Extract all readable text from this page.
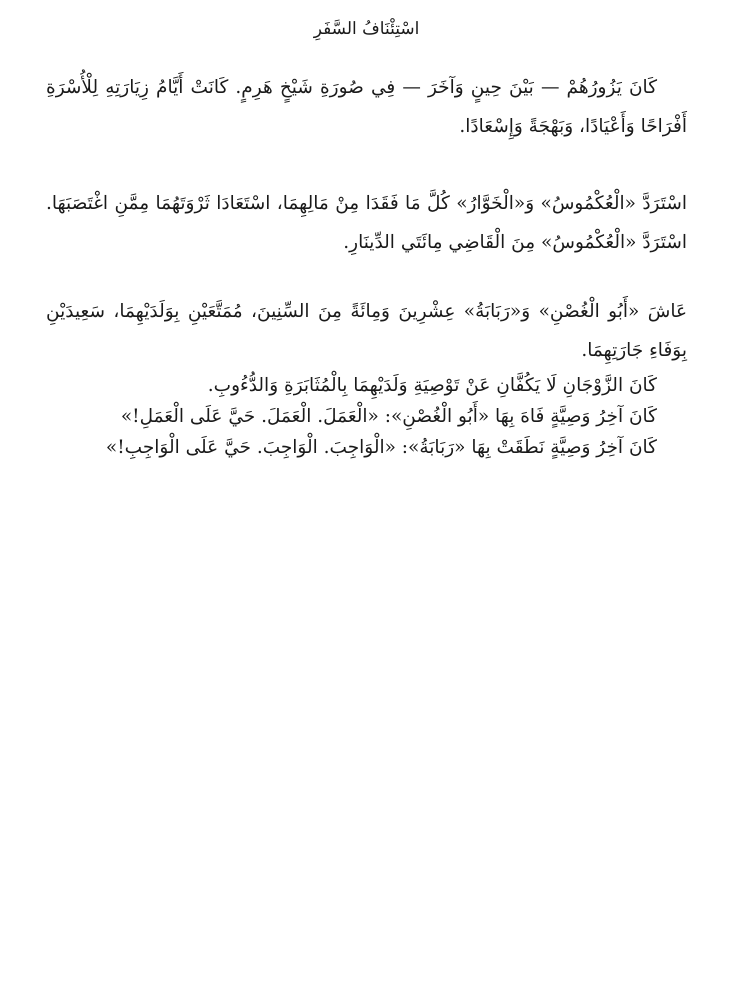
اسْتِئْنَافُ السَّفَرِ

كَانَ يَزُورُهُمْ — بَيْنَ حِينٍ وَآخَرَ — فِي صُورَةِ شَيْخٍ هَرِمٍ. كَانَتْ أَيَّامُ زِيَارَتِهِ لِلْأُسْرَةِ أَفْرَاحًا وَأَعْيَادًا، وَبَهْجَةً وَإِسْعَادًا.

اسْتَرَدَّ «الْعُكْمُوسُ» وَ«الْخَوَّارُ» كُلَّ مَا فَقَدَا مِنْ مَالِهِمَا، اسْتَعَادَا ثَرْوَتَهُمَا مِمَّنِ اغْتَصَبَهَا. اسْتَرَدَّ «الْعُكْمُوسُ» مِنَ الْقَاضِي مِائَتَي الدِّينَارِ.

عَاشَ «أَبُو الْغُصْنِ» وَ«رَبَابَةُ» عِشْرِينَ وَمِائَةً مِنَ السِّنِينَ، مُمَتَّعَيْنِ بِوَلَدَيْهِمَا، سَعِيدَيْنِ بِوَفَاءِ جَارَتِهِمَا.

كَانَ الزَّوْجَانِ لَا يَكُفَّانِ عَنْ تَوْصِيَةِ وَلَدَيْهِمَا بِالْمُثَابَرَةِ وَالدُّءُوبِ.

كَانَ آخِرُ وَصِيَّةٍ فَاهَ بِهَا «أَبُو الْغُصْنِ»: «الْعَمَلَ. الْعَمَلَ. حَيَّ عَلَى الْعَمَلِ!»

كَانَ آخِرُ وَصِيَّةٍ نَطَقَتْ بِهَا «رَبَابَةُ»: «الْوَاجِبَ. الْوَاجِبَ. حَيَّ عَلَى الْوَاجِبِ!»
